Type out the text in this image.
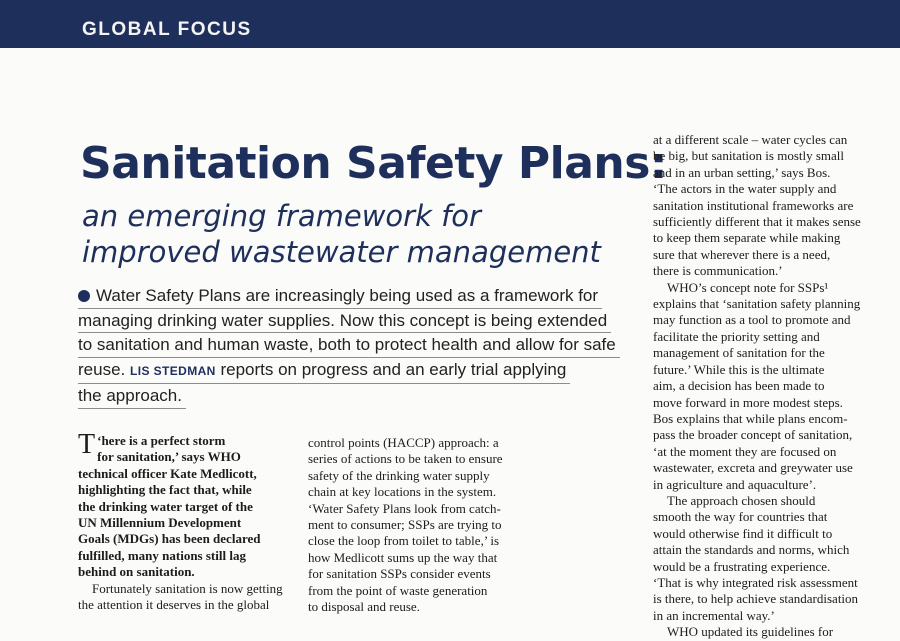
GLOBAL FOCUS
Sanitation Safety Plans:
an emerging framework for
improved wastewater management
Water Safety Plans are increasingly being used as a framework for
managing drinking water supplies. Now this concept is being extended
to sanitation and human waste, both to protect health and allow for safe
reuse. LIS STEDMAN reports on progress and an early trial applying
the approach.
‘
T here is a perfect storm
for sanitation,’ says WHO
technical officer Kate Medlicott,
highlighting the fact that, while
the drinking water target of the
UN Millennium Development
Goals (MDGs) has been declared
fulfilled, many nations still lag
behind on sanitation.
Fortunately sanitation is now getting
the attention it deserves in the global
control points (HACCP) approach: a
series of actions to be taken to ensure
safety of the drinking water supply
chain at key locations in the system.
‘Water Safety Plans look from catch-
ment to consumer; SSPs are trying to
close the loop from toilet to table,’ is
how Medlicott sums up the way that
for sanitation SSPs consider events
from the point of waste generation
to disposal and reuse.
at a different scale – water cycles can
be big, but sanitation is mostly small
and in an urban setting,’ says Bos.
‘The actors in the water supply and
sanitation institutional frameworks are
sufficiently different that it makes sense
to keep them separate while making
sure that wherever there is a need,
there is communication.’
WHO’s concept note for SSPs¹
explains that ‘sanitation safety planning
may function as a tool to promote and
facilitate the priority setting and
management of sanitation for the
future.’ While this is the ultimate
aim, a decision has been made to
move forward in more modest steps.
Bos explains that while plans encom-
pass the broader concept of sanitation,
‘at the moment they are focused on
wastewater, excreta and greywater use
in agriculture and aquaculture’.
The approach chosen should
smooth the way for countries that
would otherwise find it difficult to
attain the standards and norms, which
would be a frustrating experience.
‘That is why integrated risk assessment
is there, to help achieve standardisation
in an incremental way.’
WHO updated its guidelines for
